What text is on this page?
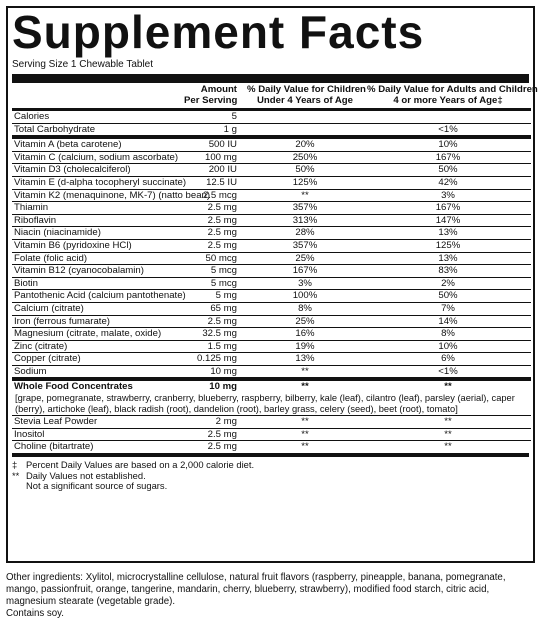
Supplement Facts
Serving Size 1 Chewable Tablet
	Amount
Per Serving	% Daily Value for Children
Under 4 Years of Age	% Daily Value for Adults and Children
4 or more Years of Age‡
Calories	5		
Total Carbohydrate	1 g		<1%
Vitamin A (beta carotene)	500 IU	20%	10%
Vitamin C (calcium, sodium ascorbate)	100 mg	250%	167%
Vitamin D3 (cholecalciferol)	200 IU	50%	50%
Vitamin E (d-alpha tocopheryl succinate)	12.5 IU	125%	42%
Vitamin K2 (menaquinone, MK-7) (natto bean)	2.5 mcg	**	3%
Thiamin	2.5 mg	357%	167%
Riboflavin	2.5 mg	313%	147%
Niacin (niacinamide)	2.5 mg	28%	13%
Vitamin B6 (pyridoxine HCl)	2.5 mg	357%	125%
Folate (folic acid)	50 mcg	25%	13%
Vitamin B12 (cyanocobalamin)	5 mcg	167%	83%
Biotin	5 mcg	3%	2%
Pantothenic Acid (calcium pantothenate)	5 mg	100%	50%
Calcium (citrate)	65 mg	8%	7%
Iron (ferrous fumarate)	2.5 mg	25%	14%
Magnesium (citrate, malate, oxide)	32.5 mg	16%	8%
Zinc (citrate)	1.5 mg	19%	10%
Copper (citrate)	0.125 mg	13%	6%
Sodium	10 mg	**	<1%
Whole Food Concentrates	10 mg	**	**
[grape, pomegranate, strawberry, cranberry, blueberry, raspberry, bilberry, kale (leaf), cilantro (leaf), parsley (aerial), caper (berry), artichoke (leaf), black radish (root), dandelion (root), barley grass, celery (seed), beet (root), tomato]			
Stevia Leaf Powder	2 mg	**	**
Inositol	2.5 mg	**	**
Choline (bitartrate)	2.5 mg	**	**
‡ Percent Daily Values are based on a 2,000 calorie diet.
** Daily Values not established.
Not a significant source of sugars.
Other ingredients: Xylitol, microcrystalline cellulose, natural fruit flavors (raspberry, pineapple, banana, pomegranate, mango, passionfruit, orange, tangerine, mandarin, cherry, blueberry, strawberry), modified food starch, citric acid, magnesium stearate (vegetable grade).
Contains soy.
